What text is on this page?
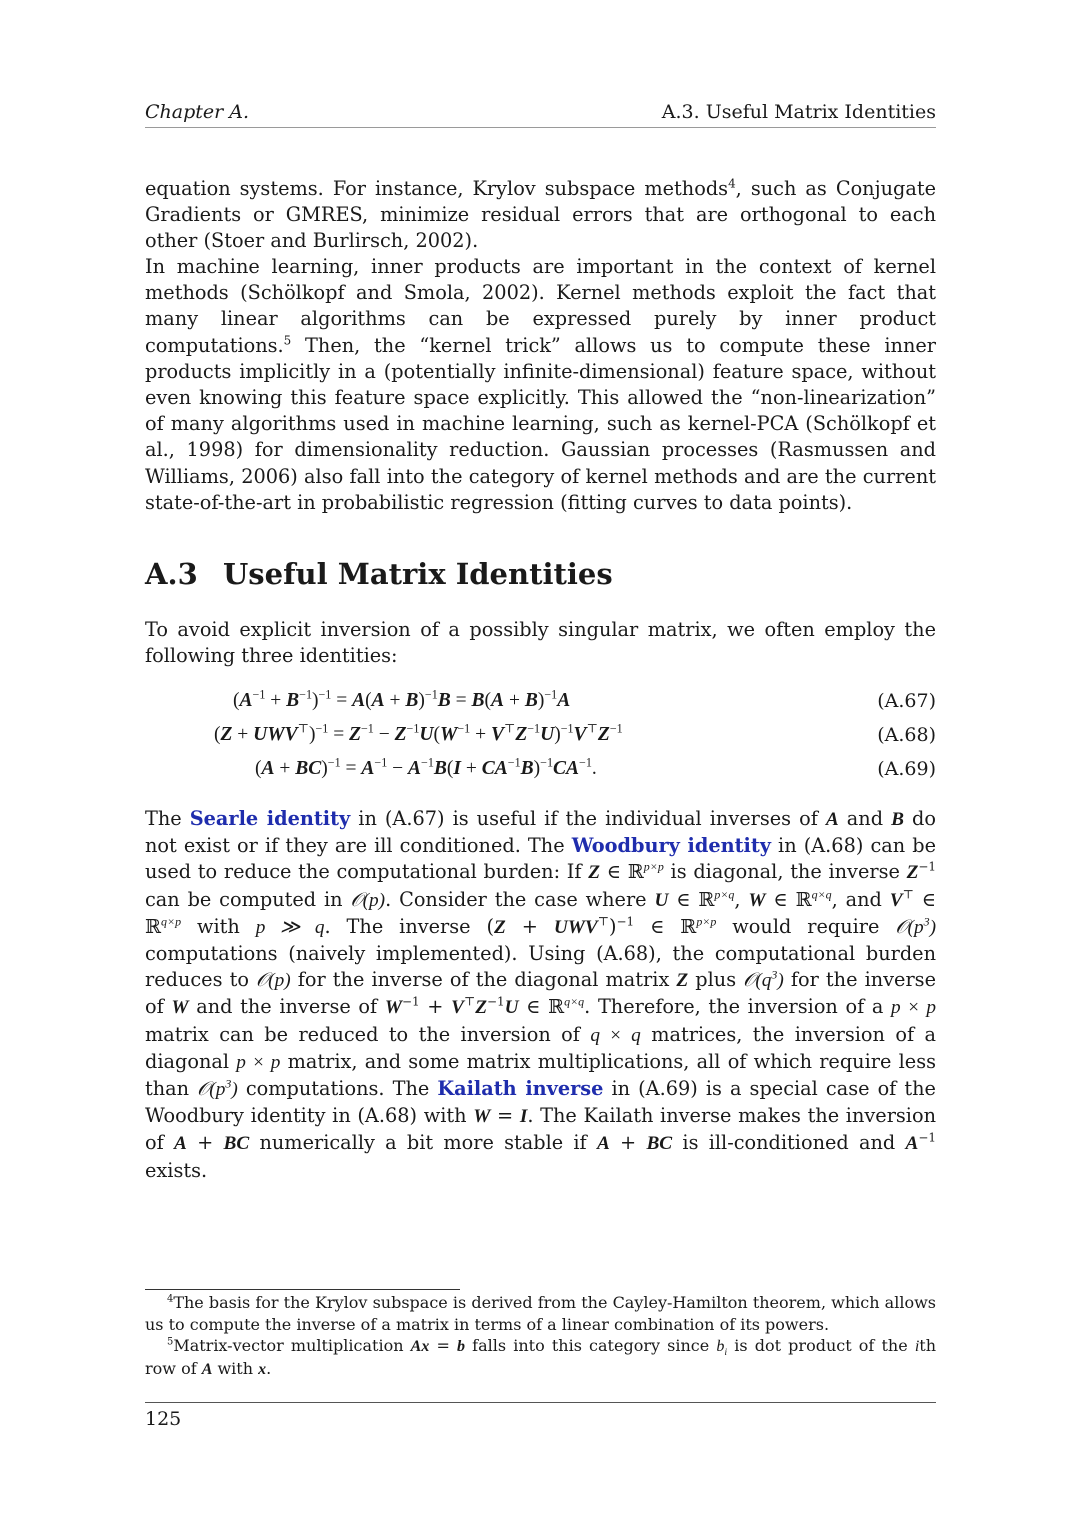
Chapter A.	A.3. Useful Matrix Identities
equation systems. For instance, Krylov subspace methods$^4$, such as Conjugate Gradients or GMRES, minimize residual errors that are orthogonal to each other (Stoer and Burlirsch, 2002).
In machine learning, inner products are important in the context of kernel methods (Schölkopf and Smola, 2002). Kernel methods exploit the fact that many linear algorithms can be expressed purely by inner product computations.$^5$ Then, the “kernel trick” allows us to compute these inner products implicitly in a (potentially infinite-dimensional) feature space, without even knowing this feature space explicitly. This allowed the “non-linearization” of many algorithms used in machine learning, such as kernel-PCA (Schölkopf et al., 1998) for dimensionality reduction. Gaussian processes (Rasmussen and Williams, 2006) also fall into the category of kernel methods and are the current state-of-the-art in probabilistic regression (fitting curves to data points).
A.3 Useful Matrix Identities
To avoid explicit inversion of a possibly singular matrix, we often employ the following three identities:
$(A^{-1} + B^{-1})^{-1} = A(A + B)^{-1}B = B(A + B)^{-1}A$	(A.67)
$(Z + UWV^⊤)^{-1} = Z^{-1} - Z^{-1}U(W^{-1} + V^⊤Z^{-1}U)^{-1}V^⊤Z^{-1}$	(A.68)
$(A + BC)^{-1} = A^{-1} - A^{-1}B(I + CA^{-1}B)^{-1}CA^{-1}$.	(A.69)
The Searle identity in (A.67) is useful if the individual inverses of A and B do not exist or if they are ill conditioned. The Woodbury identity in (A.68) can be used to reduce the computational burden: If Z ∈ ℝ$^{p\times p}$ is diagonal, the inverse $Z^{-1}$ can be computed in 𝒪(p). Consider the case where U ∈ ℝ$^{p\times q}$, W ∈ ℝ$^{q\times q}$, and V⊤ ∈ ℝ$^{q\times p}$ with p ≫ q. The inverse $(Z + UWV^⊤)^{-1}$ ∈ ℝ$^{p\times p}$ would require $𝒪(p^3)$ computations (naively implemented). Using (A.68), the computational burden reduces to 𝒪(p) for the inverse of the diagonal matrix Z plus $𝒪(q^3)$ for the inverse of W and the inverse of $W^{-1} + V^⊤Z^{-1}U$ ∈ ℝ$^{q\times q}$. Therefore, the inversion of a p × p matrix can be reduced to the inversion of q × q matrices, the inversion of a diagonal p × p matrix, and some matrix multiplications, all of which require less than $𝒪(p^3)$ computations. The Kailath inverse in (A.69) is a special case of the Woodbury identity in (A.68) with W = I. The Kailath inverse makes the inversion of A + BC numerically a bit more stable if A + BC is ill-conditioned and $A^{-1}$ exists.

$^4$The basis for the Krylov subspace is derived from the Cayley-Hamilton theorem, which allows us to compute the inverse of a matrix in terms of a linear combination of its powers.

$^5$Matrix-vector multiplication Ax = b falls into this category since $b_i$ is dot product of the ith row of A with x.

125
